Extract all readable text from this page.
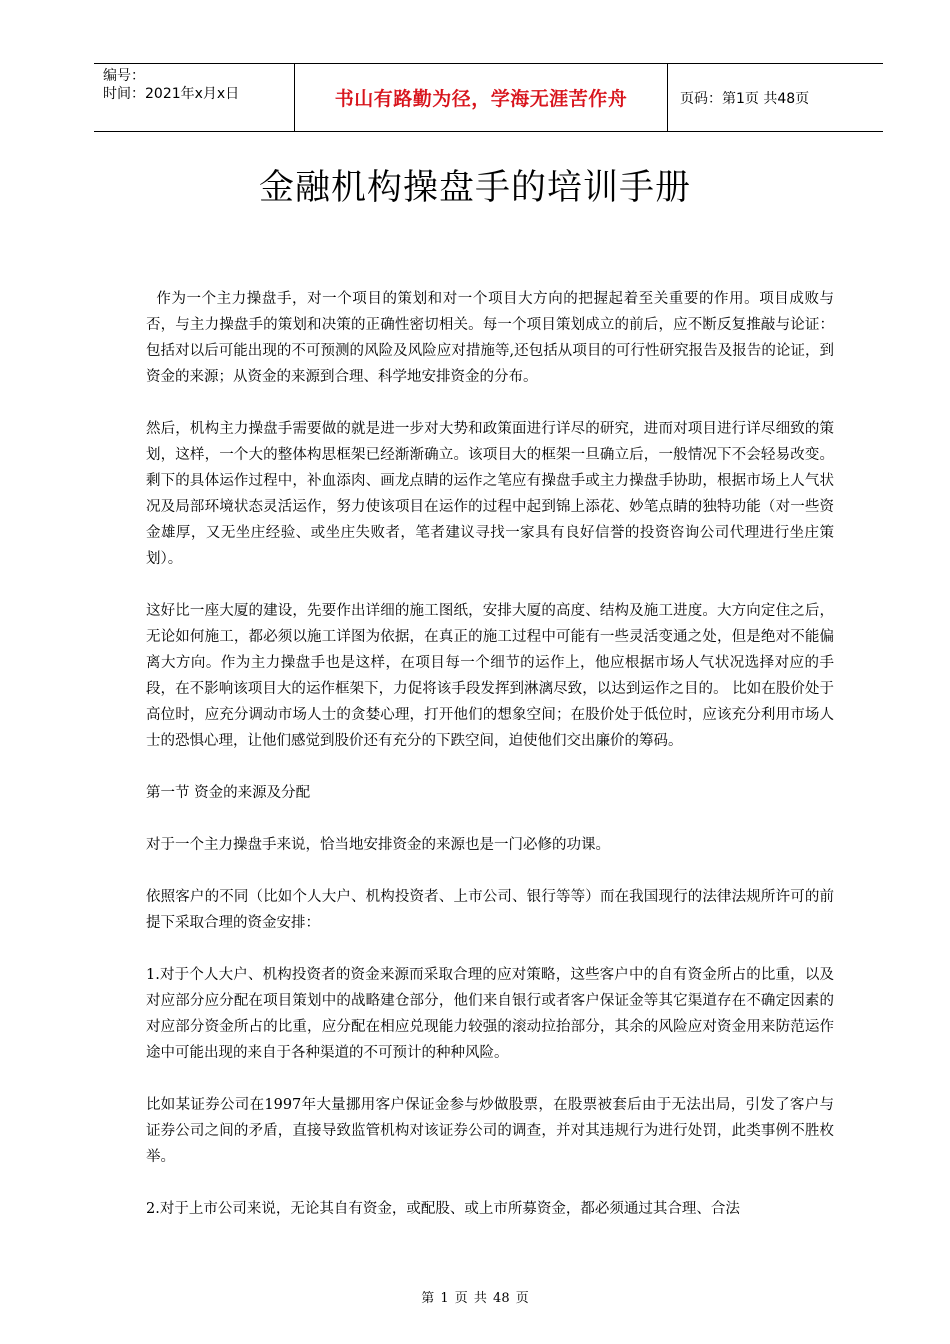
编号：
时间：2021年x月x日	书山有路勤为径，学海无涯苦作舟	页码：第1页 共48页
金融机构操盘手的培训手册

作为一个主力操盘手，对一个项目的策划和对一个项目大方向的把握起着至关重要的作用。项目成败与否，与主力操盘手的策划和决策的正确性密切相关。每一个项目策划成立的前后，应不断反复推敲与论证：包括对以后可能出现的不可预测的风险及风险应对措施等,还包括从项目的可行性研究报告及报告的论证，到资金的来源；从资金的来源到合理、科学地安排资金的分布。

然后，机构主力操盘手需要做的就是进一步对大势和政策面进行详尽的研究，进而对项目进行详尽细致的策划，这样，一个大的整体构思框架已经渐渐确立。该项目大的框架一旦确立后，一般情况下不会轻易改变。剩下的具体运作过程中，补血添肉、画龙点睛的运作之笔应有操盘手或主力操盘手协助，根据市场上人气状况及局部环境状态灵活运作，努力使该项目在运作的过程中起到锦上添花、妙笔点睛的独特功能（对一些资金雄厚，又无坐庄经验、或坐庄失败者，笔者建议寻找一家具有良好信誉的投资咨询公司代理进行坐庄策划）。

这好比一座大厦的建设，先要作出详细的施工图纸，安排大厦的高度、结构及施工进度。大方向定住之后，无论如何施工，都必须以施工详图为依据，在真正的施工过程中可能有一些灵活变通之处，但是绝对不能偏离大方向。作为主力操盘手也是这样，在项目每一个细节的运作上，他应根据市场人气状况选择对应的手段，在不影响该项目大的运作框架下，力促将该手段发挥到淋漓尽致，以达到运作之目的。 比如在股价处于高位时，应充分调动市场人士的贪婪心理，打开他们的想象空间；在股价处于低位时，应该充分利用市场人士的恐惧心理，让他们感觉到股价还有充分的下跌空间，迫使他们交出廉价的筹码。

第一节 资金的来源及分配

对于一个主力操盘手来说，恰当地安排资金的来源也是一门必修的功课。

依照客户的不同（比如个人大户、机构投资者、上市公司、银行等等）而在我国现行的法律法规所许可的前提下采取合理的资金安排：

1.对于个人大户、机构投资者的资金来源而采取合理的应对策略，这些客户中的自有资金所占的比重，以及对应部分应分配在项目策划中的战略建仓部分，他们来自银行或者客户保证金等其它渠道存在不确定因素的对应部分资金所占的比重，应分配在相应兑现能力较强的滚动拉抬部分，其余的风险应对资金用来防范运作途中可能出现的来自于各种渠道的不可预计的种种风险。

比如某证券公司在1997年大量挪用客户保证金参与炒做股票，在股票被套后由于无法出局，引发了客户与证券公司之间的矛盾，直接导致监管机构对该证券公司的调查，并对其违规行为进行处罚，此类事例不胜枚举。

2.对于上市公司来说，无论其自有资金，或配股、或上市所募资金，都必须通过其合理、合法

第 1 页 共 48 页
